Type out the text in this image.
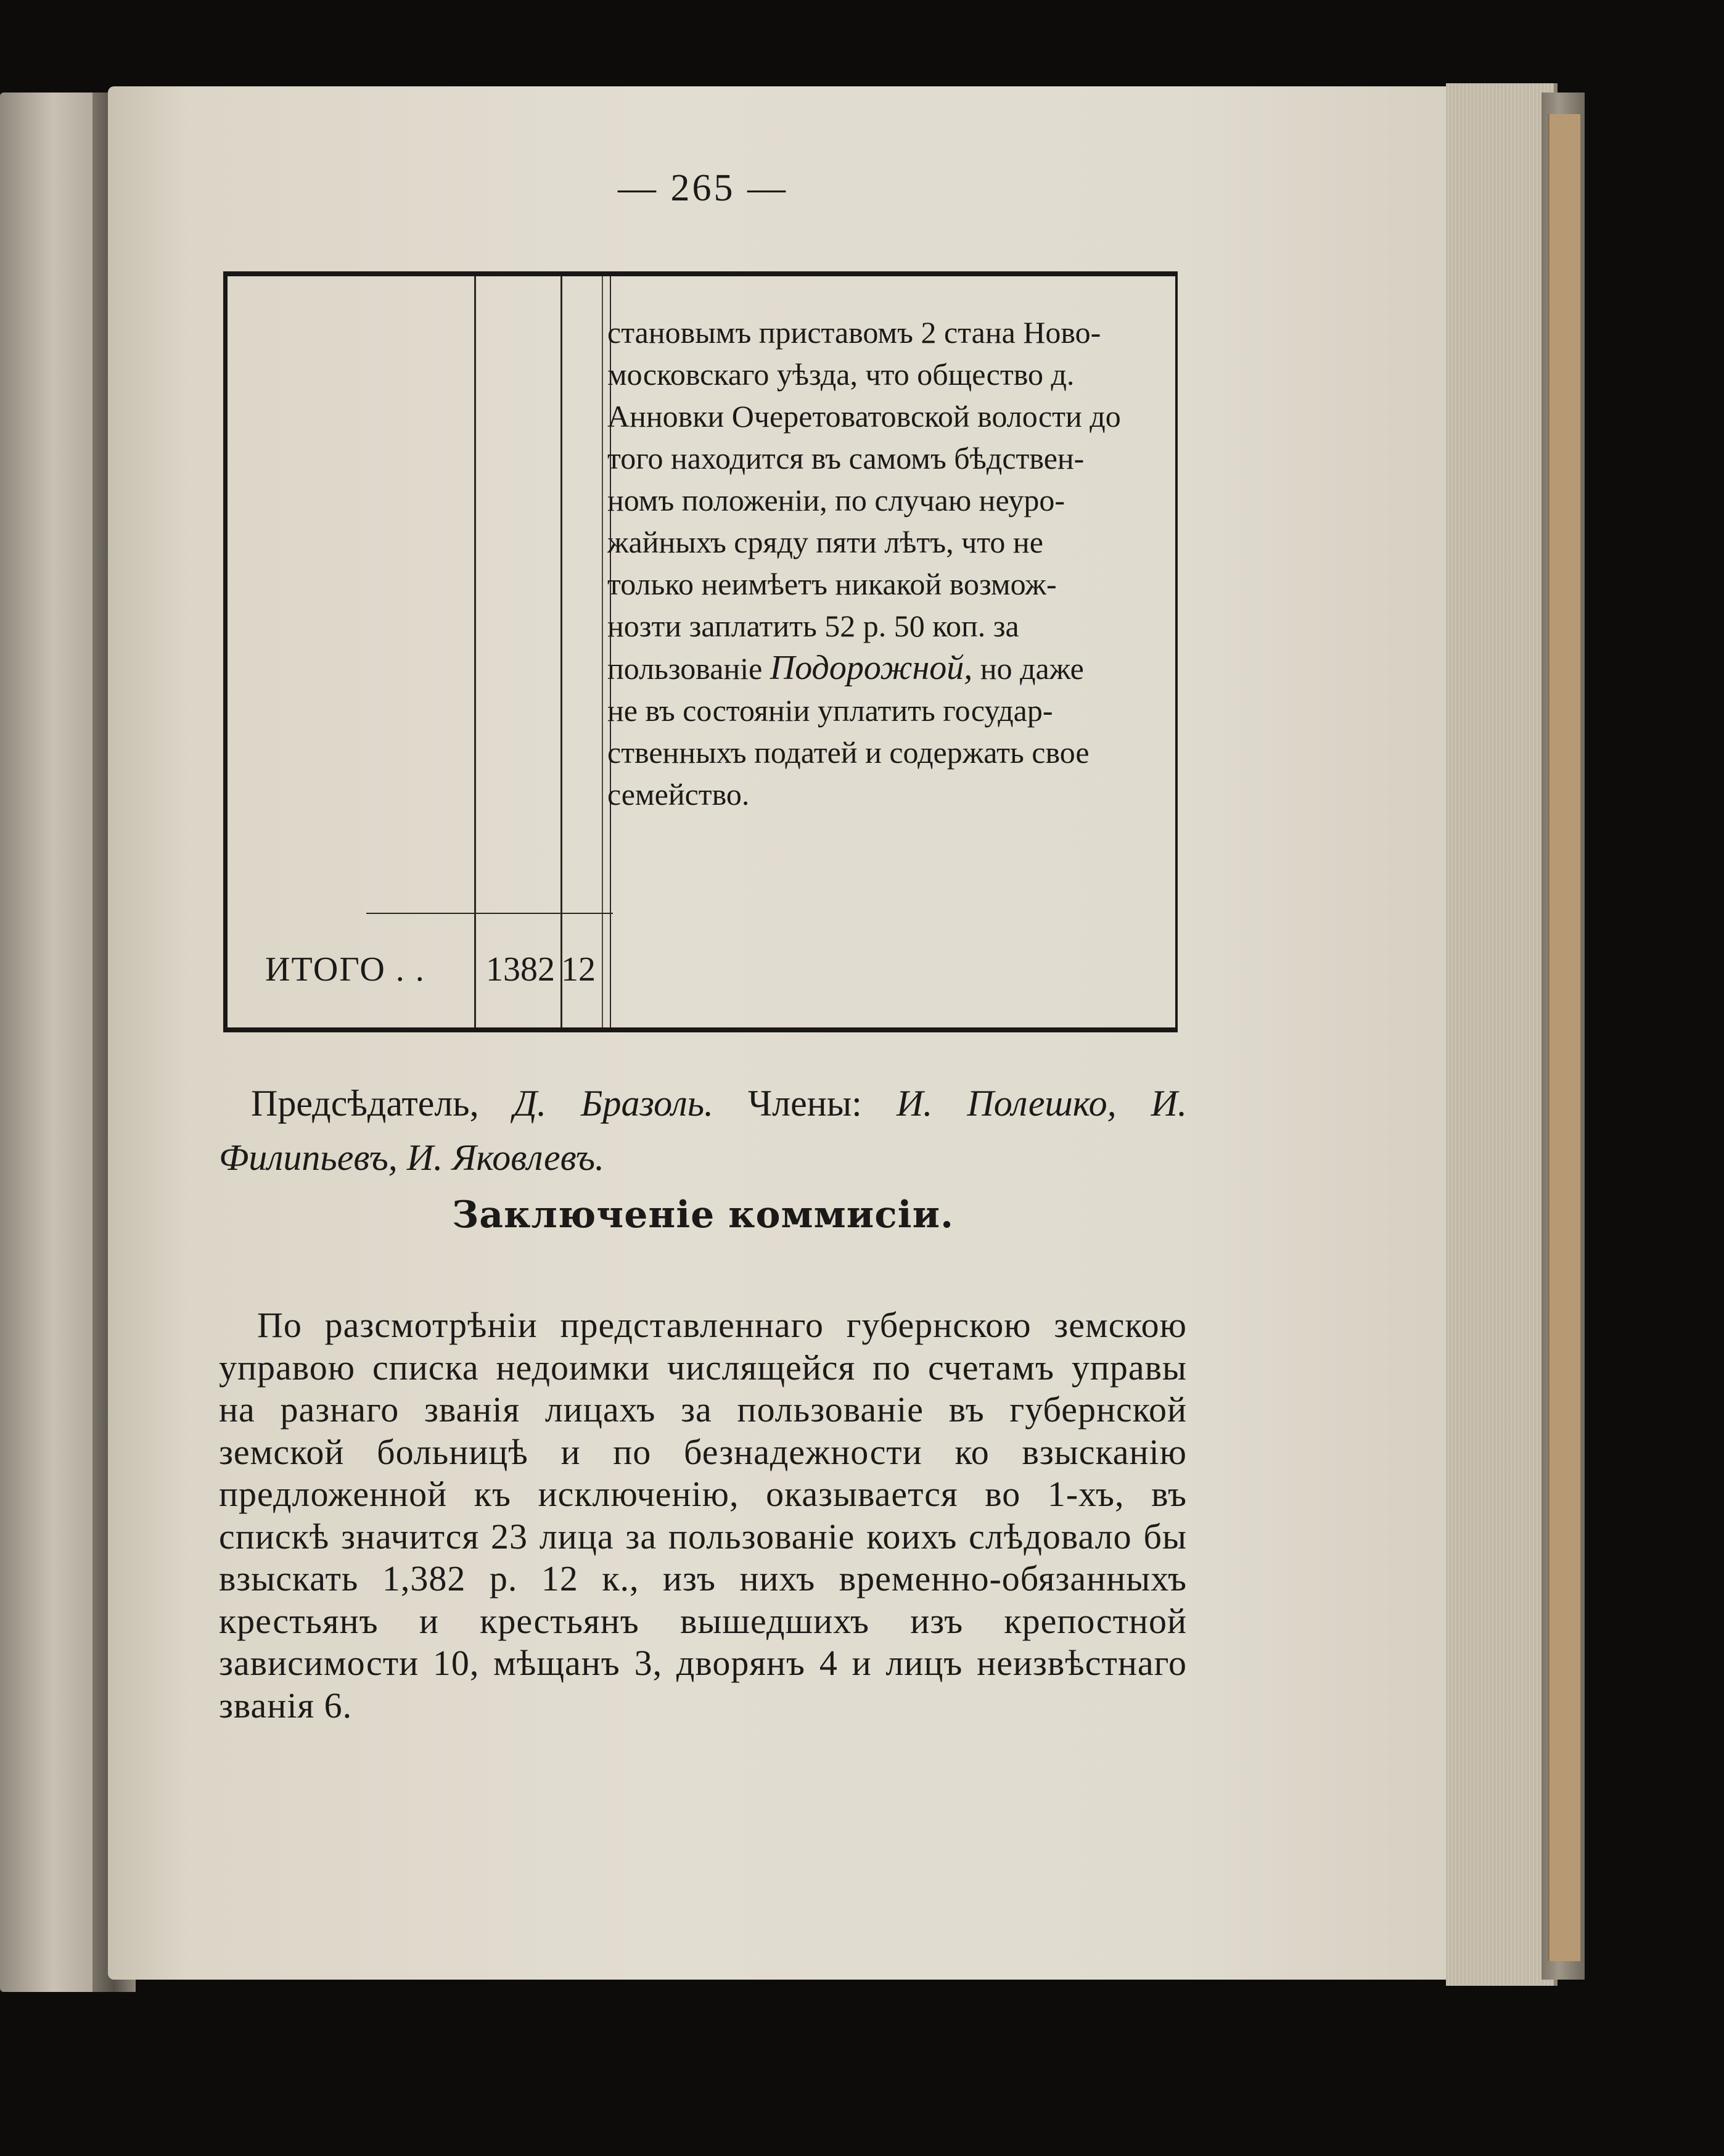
— 265 —

становымъ приставомъ 2 стана Ново-

московскаго уѣзда, что общество д.

Анновки Очеретоватовской волости до

того находится въ самомъ бѣдствен-

номъ положеніи, по случаю неуро-

жайныхъ сряду пяти лѣтъ, что не

только неимѣетъ никакой возмож-

нозти заплатить 52 р. 50 коп. за

пользованіе Подорожной, но даже

не въ состояніи уплатить государ-

ственныхъ податей и содержать свое

семейство.

ИТОГО . . 1382 12
Предсѣдатель, Д. Бразоль. Члены: И. Полешко, И. Филипьевъ, И. Яковлевъ.
Заключеніе коммисіи.
По разсмотрѣніи представленнаго губернскою земскою управою списка недоимки числящейся по счетамъ управы на разнаго званія лицахъ за пользованіе въ губернской земской больницѣ и по безнадежности ко взысканію предложенной къ исключенію, оказывается во 1-хъ, въ спискѣ значится 23 лица за пользованіе коихъ слѣдовало бы взыскать 1,382 р. 12 к., изъ нихъ временно-обязанныхъ крестьянъ и крестьянъ вышедшихъ изъ крепостной зависимости 10, мѣщанъ 3, дворянъ 4 и лицъ неизвѣстнаго званія 6.
